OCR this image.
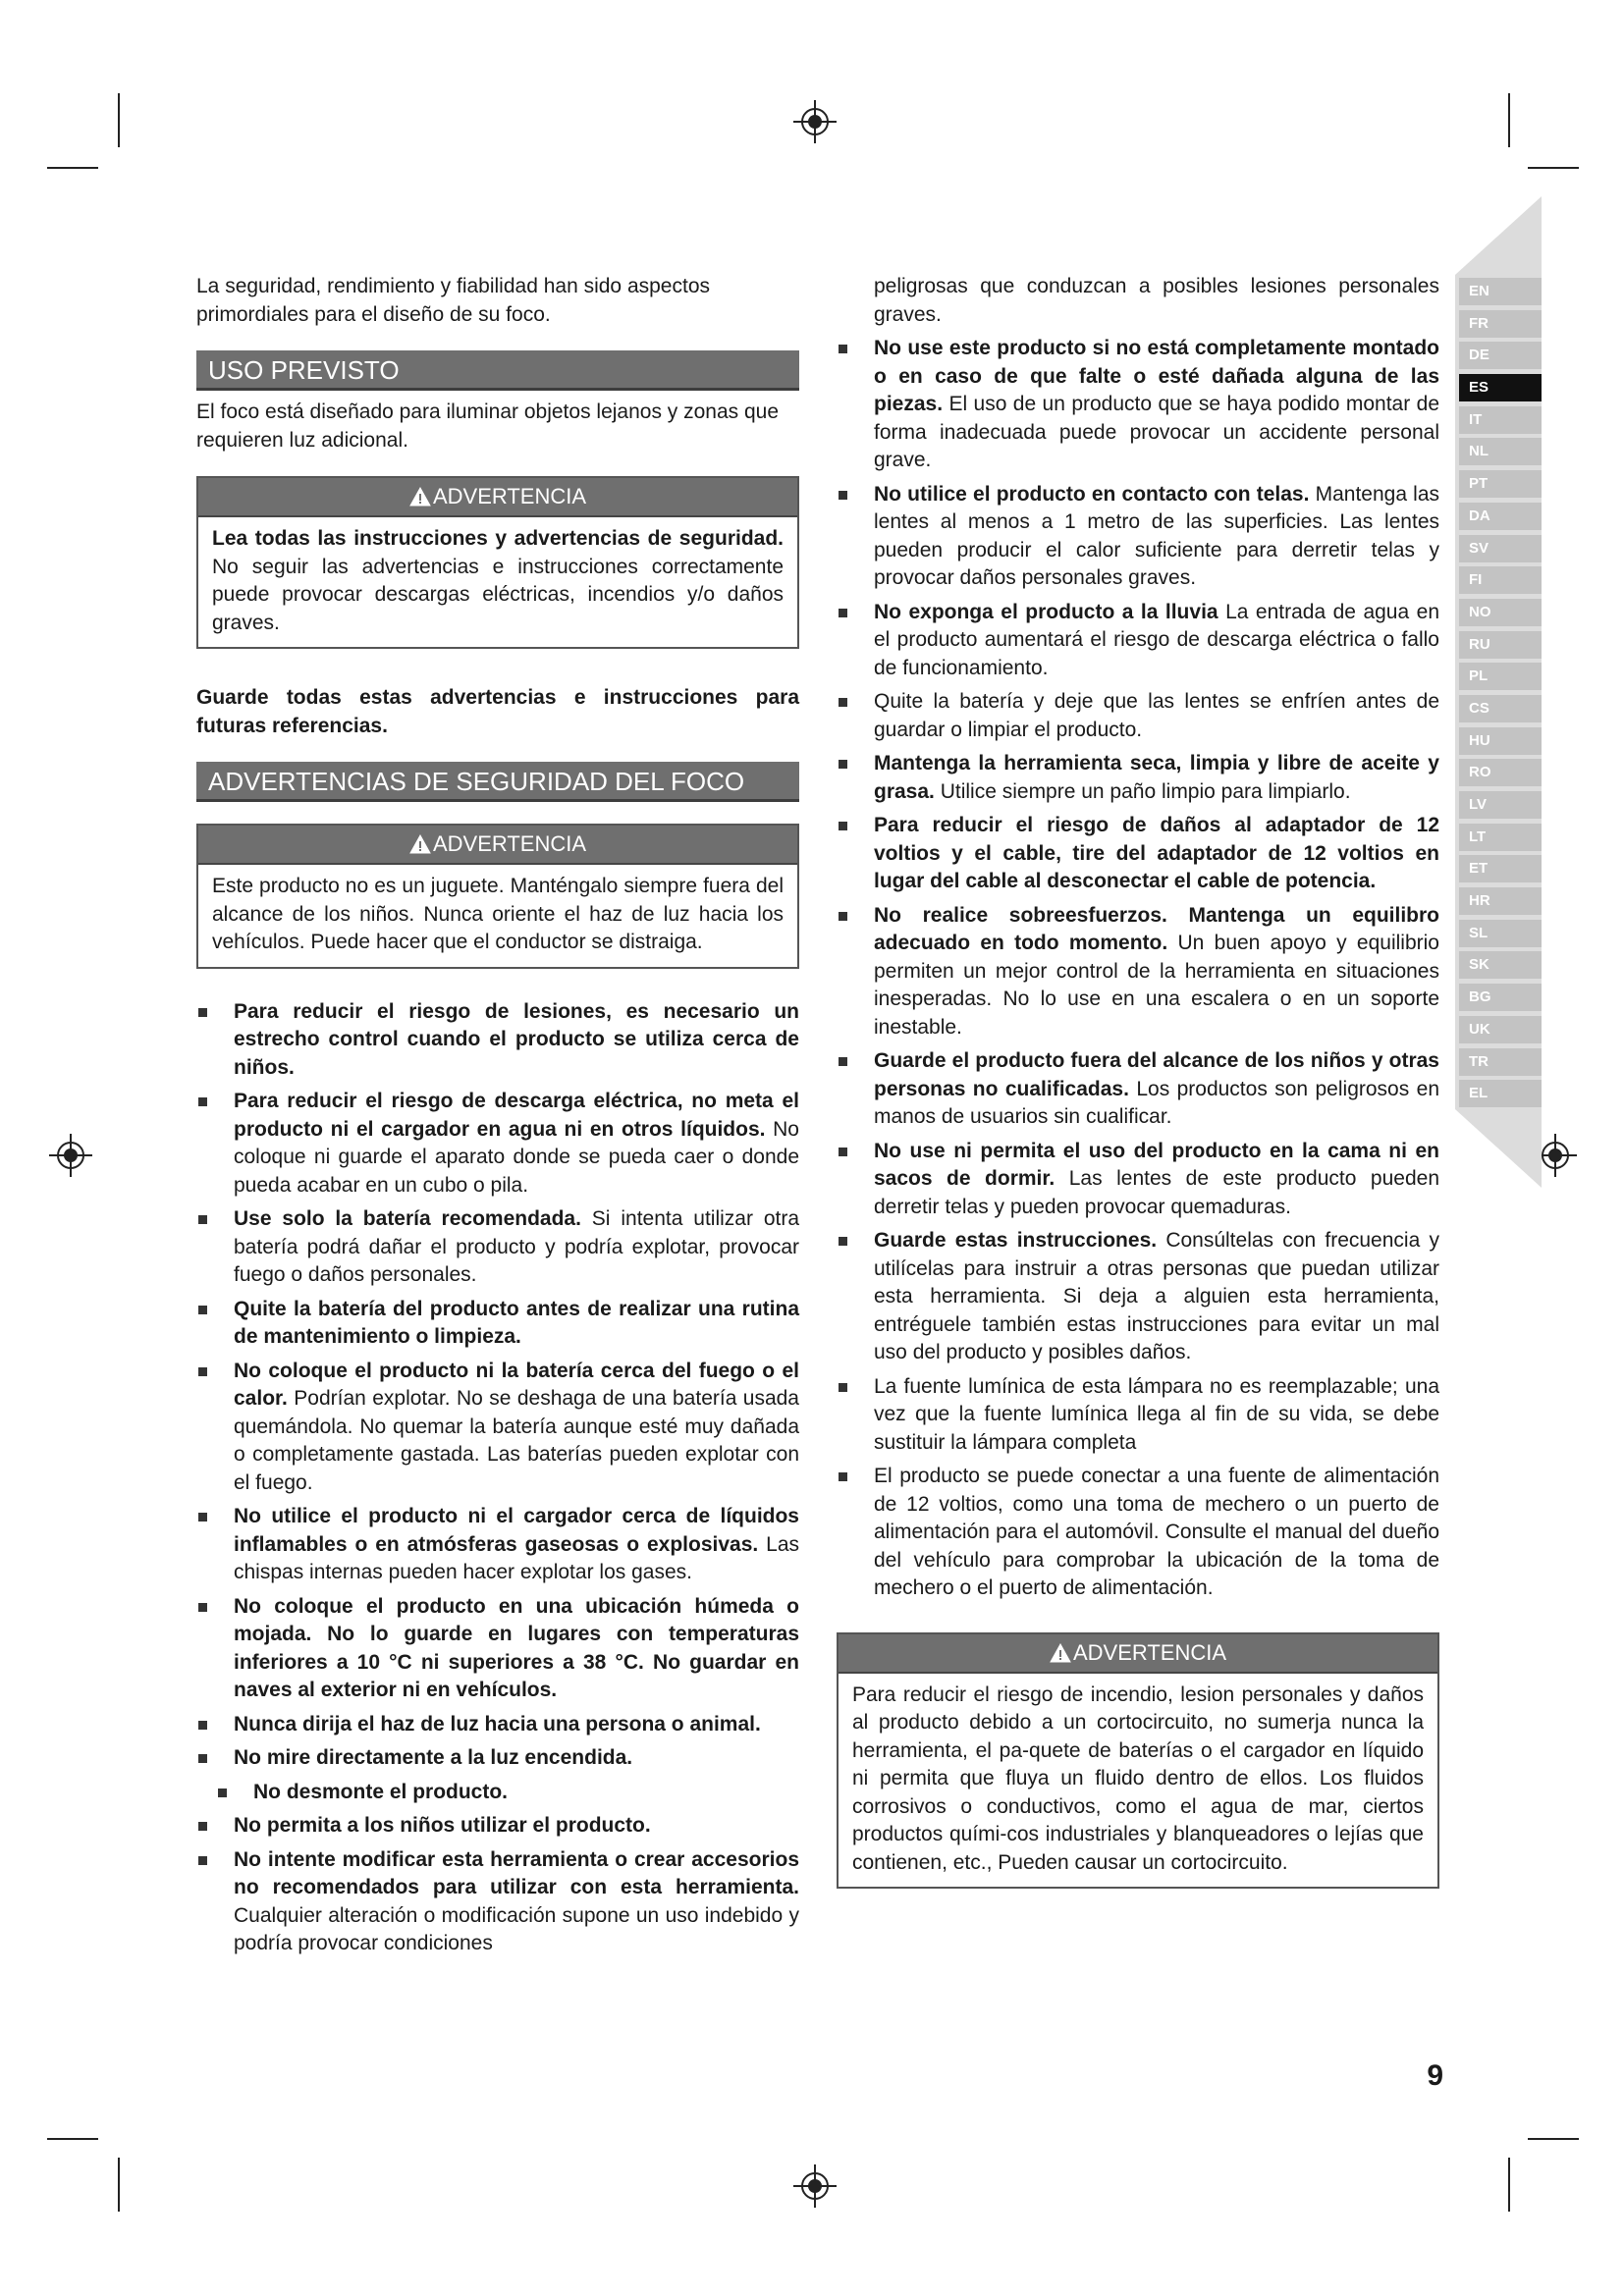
EN
FR
DE
ES
IT
NL
PT
DA
SV
FI
NO
RU
PL
CS
HU
RO
LV
LT
ET
HR
SL
SK
BG
UK
TR
EL

La seguridad, rendimiento y fiabilidad han sido aspectos primordiales para el diseño de su foco.

USO PREVISTO

El foco está diseñado para iluminar objetos lejanos y zonas que requieren luz adicional.

ADVERTENCIA
Lea todas las instrucciones y advertencias de seguridad. No seguir las advertencias e instrucciones correctamente puede provocar descargas eléctricas, incendios y/o daños graves.

Guarde todas estas advertencias e instrucciones para futuras referencias.

ADVERTENCIAS DE SEGURIDAD DEL FOCO
ADVERTENCIA
Este producto no es un juguete. Manténgalo siempre fuera del alcance de los niños. Nunca oriente el haz de luz hacia los vehículos. Puede hacer que el conductor se distraiga.
Para reducir el riesgo de lesiones, es necesario un estrecho control cuando el producto se utiliza cerca de niños.
Para reducir el riesgo de descarga eléctrica, no meta el producto ni el cargador en agua ni en otros líquidos. No coloque ni guarde el aparato donde se pueda caer o donde pueda acabar en un cubo o pila.
Use solo la batería recomendada. Si intenta utilizar otra batería podrá dañar el producto y podría explotar, provocar fuego o daños personales.
Quite la batería del producto antes de realizar una rutina de mantenimiento o limpieza.
No coloque el producto ni la batería cerca del fuego o el calor. Podrían explotar. No se deshaga de una batería usada quemándola. No quemar la batería aunque esté muy dañada o completamente gastada. Las baterías pueden explotar con el fuego.
No utilice el producto ni el cargador cerca de líquidos inflamables o en atmósferas gaseosas o explosivas. Las chispas internas pueden hacer explotar los gases.
No coloque el producto en una ubicación húmeda o mojada. No lo guarde en lugares con temperaturas inferiores a 10 °C ni superiores a 38 °C. No guardar en naves al exterior ni en vehículos.
Nunca dirija el haz de luz hacia una persona o animal.
No mire directamente a la luz encendida.
No desmonte el producto.
No permita a los niños utilizar el producto.
No intente modificar esta herramienta o crear accesorios no recomendados para utilizar con esta herramienta. Cualquier alteración o modificación supone un uso indebido y podría provocar condiciones

peligrosas que conduzcan a posibles lesiones personales graves.

No use este producto si no está completamente montado o en caso de que falte o esté dañada alguna de las piezas. El uso de un producto que se haya podido montar de forma inadecuada puede provocar un accidente personal grave.
No utilice el producto en contacto con telas. Mantenga las lentes al menos a 1 metro de las superficies. Las lentes pueden producir el calor suficiente para derretir telas y provocar daños personales graves.
No exponga el producto a la lluvia La entrada de agua en el producto aumentará el riesgo de descarga eléctrica o fallo de funcionamiento.
Quite la batería y deje que las lentes se enfríen antes de guardar o limpiar el producto.
Mantenga la herramienta seca, limpia y libre de aceite y grasa. Utilice siempre un paño limpio para limpiarlo.
Para reducir el riesgo de daños al adaptador de 12 voltios y el cable, tire del adaptador de 12 voltios en lugar del cable al desconectar el cable de potencia.
No realice sobreesfuerzos. Mantenga un equilibro adecuado en todo momento. Un buen apoyo y equilibrio permiten un mejor control de la herramienta en situaciones inesperadas. No lo use en una escalera o en un soporte inestable.
Guarde el producto fuera del alcance de los niños y otras personas no cualificadas. Los productos son peligrosos en manos de usuarios sin cualificar.
No use ni permita el uso del producto en la cama ni en sacos de dormir. Las lentes de este producto pueden derretir telas y pueden provocar quemaduras.
Guarde estas instrucciones. Consúltelas con frecuencia y utilícelas para instruir a otras personas que puedan utilizar esta herramienta. Si deja a alguien esta herramienta, entréguele también estas instrucciones para evitar un mal uso del producto y posibles daños.
La fuente lumínica de esta lámpara no es reemplazable; una vez que la fuente lumínica llega al fin de su vida, se debe sustituir la lámpara completa
El producto se puede conectar a una fuente de alimentación de 12 voltios, como una toma de mechero o un puerto de alimentación para el automóvil. Consulte el manual del dueño del vehículo para comprobar la ubicación de la toma de mechero o el puerto de alimentación.
ADVERTENCIA
Para reducir el riesgo de incendio, lesion personales y daños al producto debido a un cortocircuito, no sumerja nunca la herramienta, el pa-quete de baterías o el cargador en líquido ni permita que fluya un fluido dentro de ellos. Los fluidos corrosivos o conductivos, como el agua de mar, ciertos productos quími-cos industriales y blanqueadores o lejías que contienen, etc., Pueden causar un cortocircuito.
9
